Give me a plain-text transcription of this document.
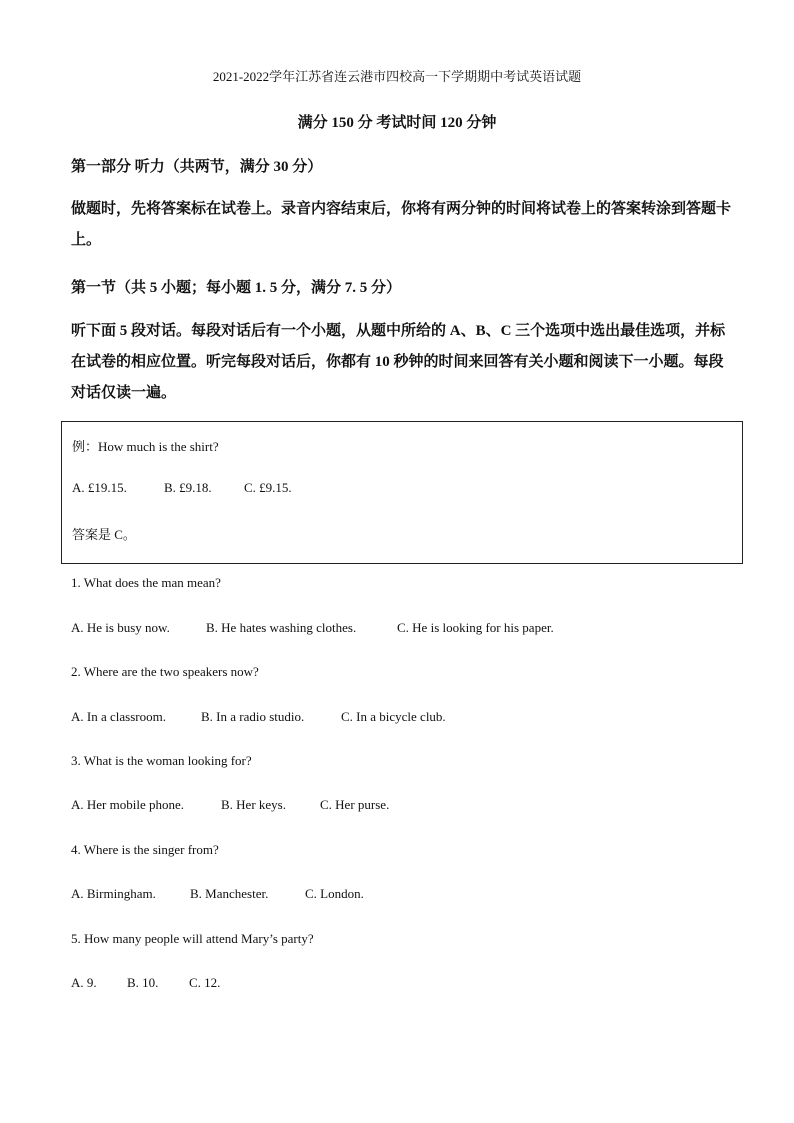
2021-2022学年江苏省连云港市四校高一下学期期中考试英语试题
满分 150 分 考试时间 120 分钟
第一部分 听力（共两节，满分 30 分）
做题时，先将答案标在试卷上。录音内容结束后，你将有两分钟的时间将试卷上的答案转涂到答题卡上。
第一节（共 5 小题；每小题 1. 5 分，满分 7. 5 分）
听下面 5 段对话。每段对话后有一个小题，从题中所给的 A、B、C 三个选项中选出最佳选项，并标在试卷的相应位置。听完每段对话后，你都有 10 秒钟的时间来回答有关小题和阅读下一小题。每段对话仅读一遍。
例：How much is the shirt?
A. £19.15.	B. £9.18. C. £9.15.
答案是 C。
1. What does the man mean?
A. He is busy now.	B. He hates washing clothes.	C. He is looking for his paper.
2. Where are the two speakers now?
A. In a classroom.	B. In a radio studio.	C. In a bicycle club.
3. What is the woman looking for?
A. Her mobile phone.	B. Her keys.	C. Her purse.
4. Where is the singer from?
A. Birmingham.	B. Manchester.	C. London.
5. How many people will attend Mary’s party?
A. 9. B. 10. C. 12.
